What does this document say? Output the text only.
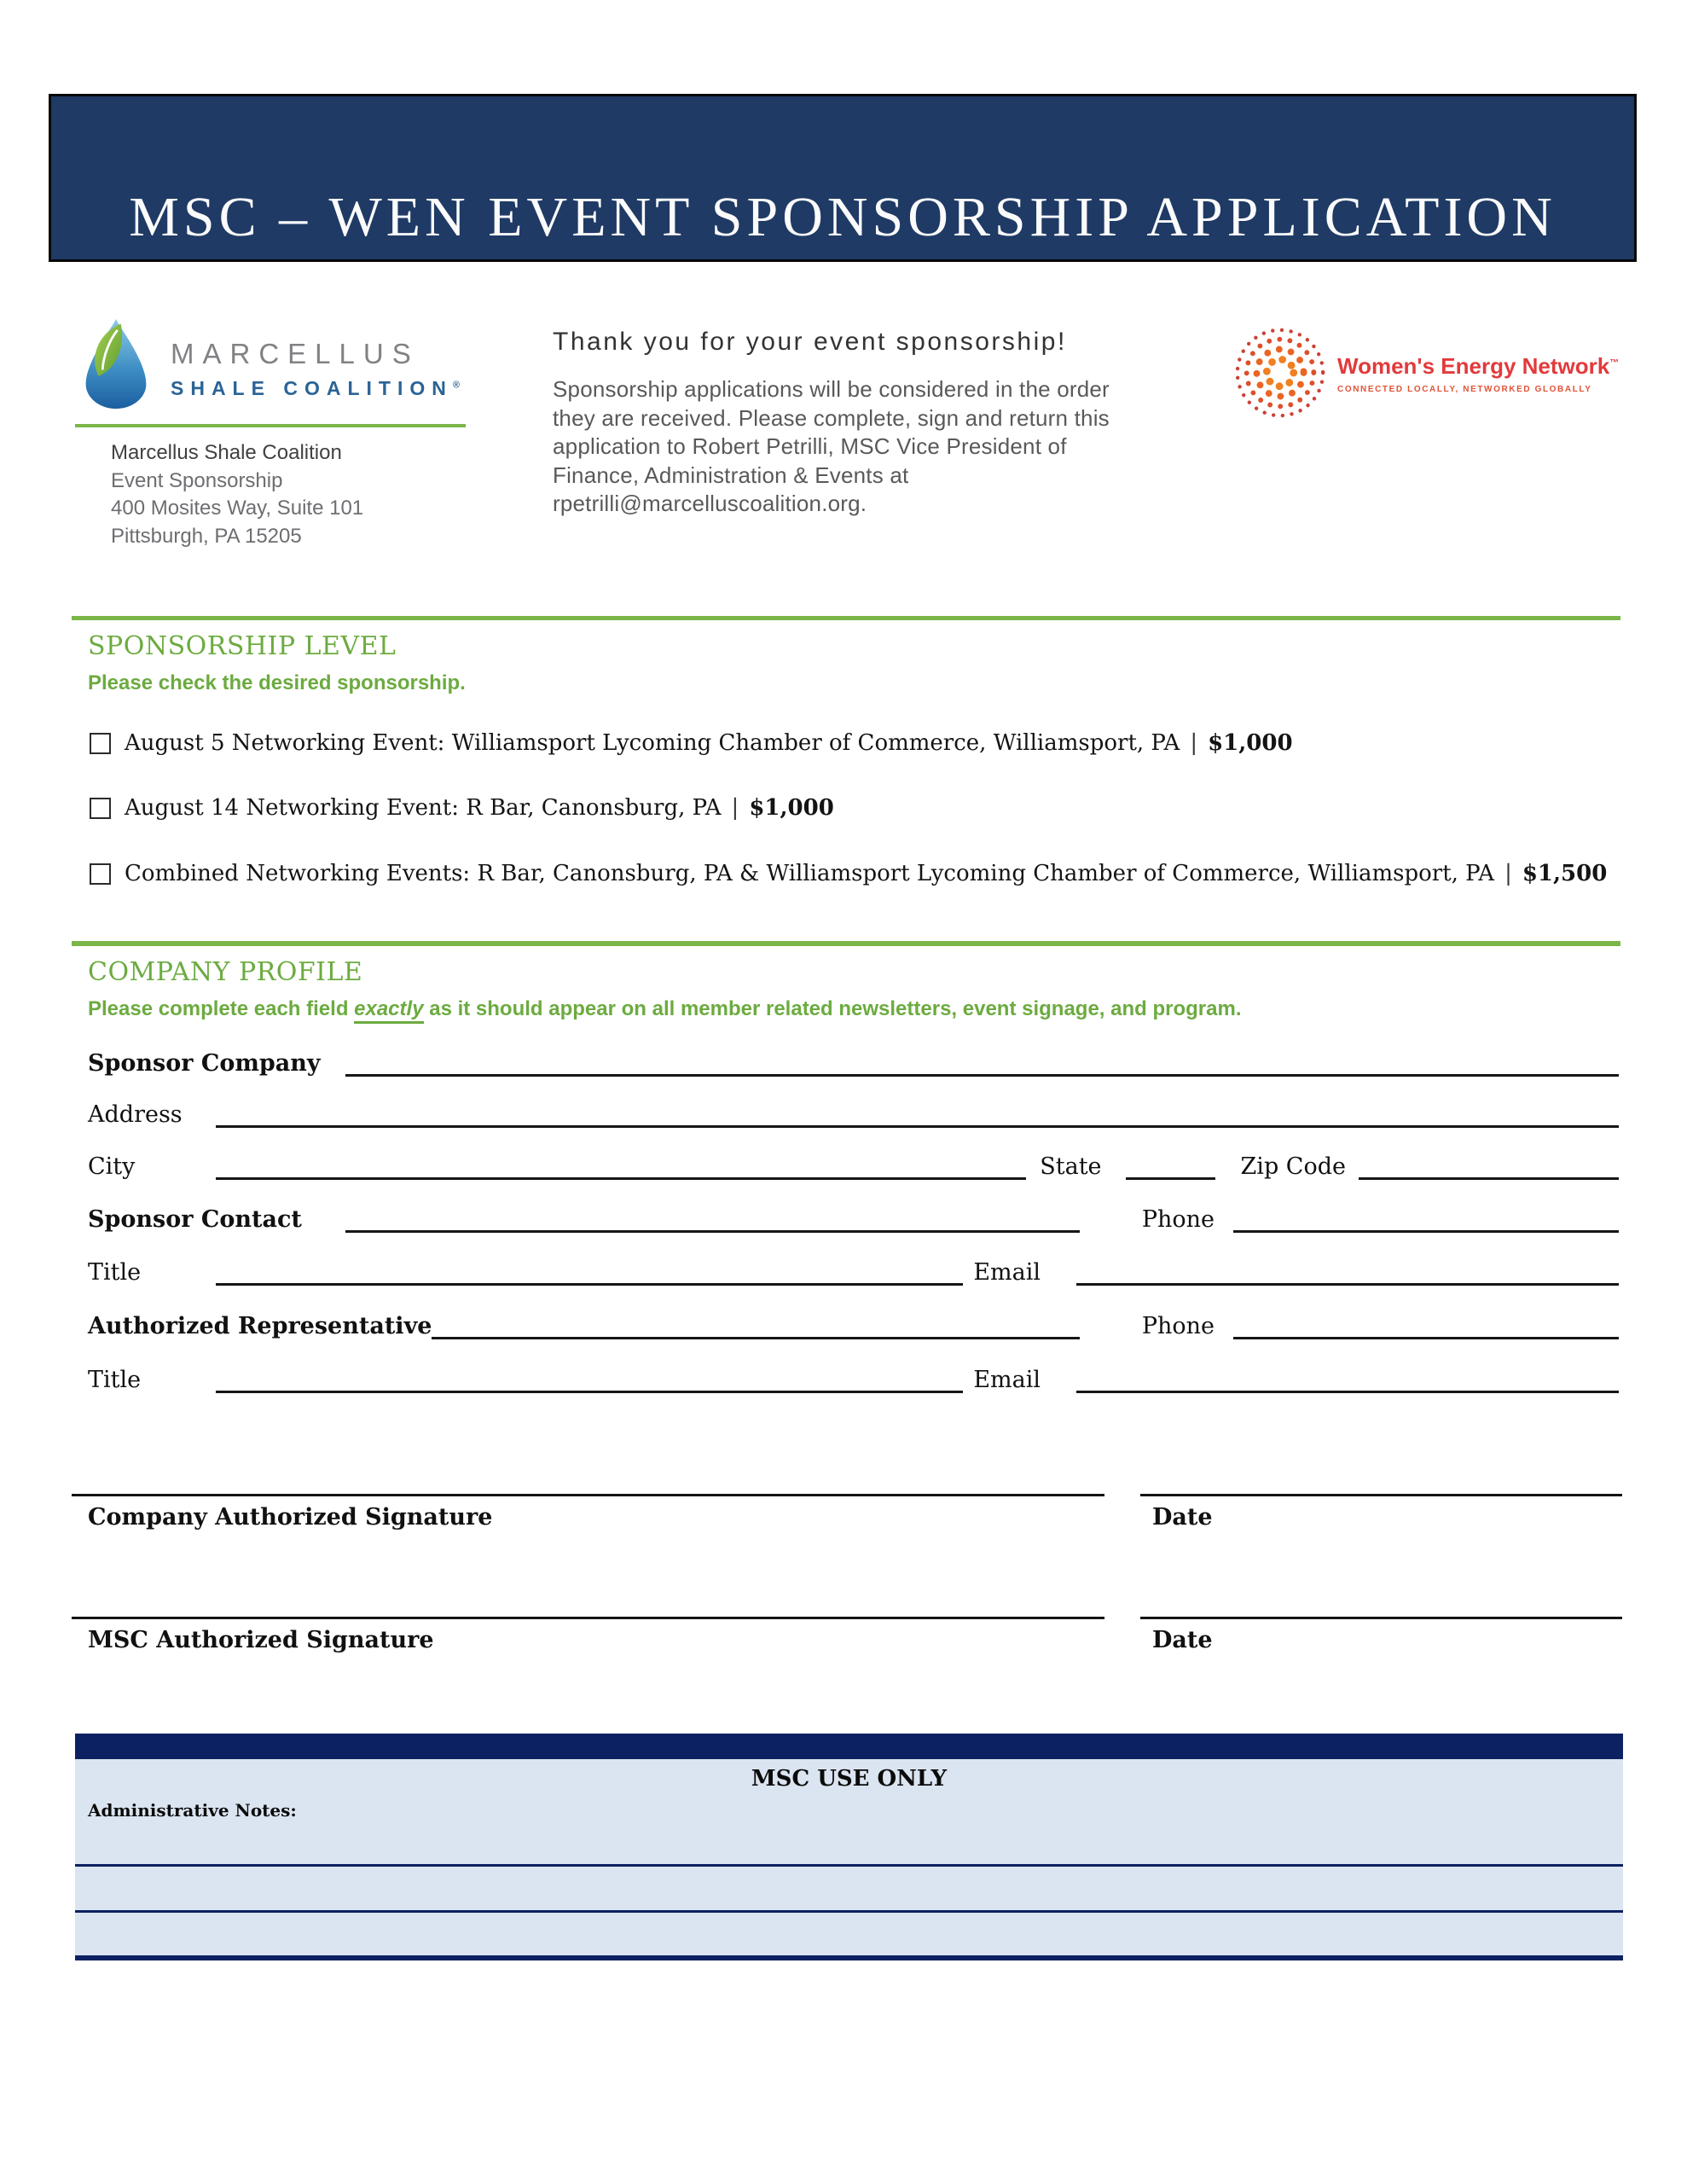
MSC – WEN EVENT SPONSORSHIP APPLICATION
MARCELLUS
SHALE COALITION®
Marcellus Shale Coalition
Event Sponsorship
400 Mosites Way, Suite 101
Pittsburgh, PA 15205
Thank you for your event sponsorship!
Sponsorship applications will be considered in the order they are received. Please complete, sign and return this application to Robert Petrilli, MSC Vice President of Finance, Administration & Events at rpetrilli@marcelluscoalition.org.
Women's Energy Network™
CONNECTED LOCALLY, NETWORKED GLOBALLY
SPONSORSHIP LEVEL
Please check the desired sponsorship.
August 5 Networking Event: Williamsport Lycoming Chamber of Commerce, Williamsport, PA | $1,000
August 14 Networking Event: R Bar, Canonsburg, PA | $1,000
Combined Networking Events: R Bar, Canonsburg, PA & Williamsport Lycoming Chamber of Commerce, Williamsport, PA | $1,500
COMPANY PROFILE
Please complete each field exactly as it should appear on all member related newsletters, event signage, and program.
Sponsor Company
Address
City	State	Zip Code
Sponsor Contact	Phone
Title	Email
Authorized Representative	Phone
Title	Email
Company Authorized Signature	Date
MSC Authorized Signature	Date
MSC USE ONLY
Administrative Notes:
